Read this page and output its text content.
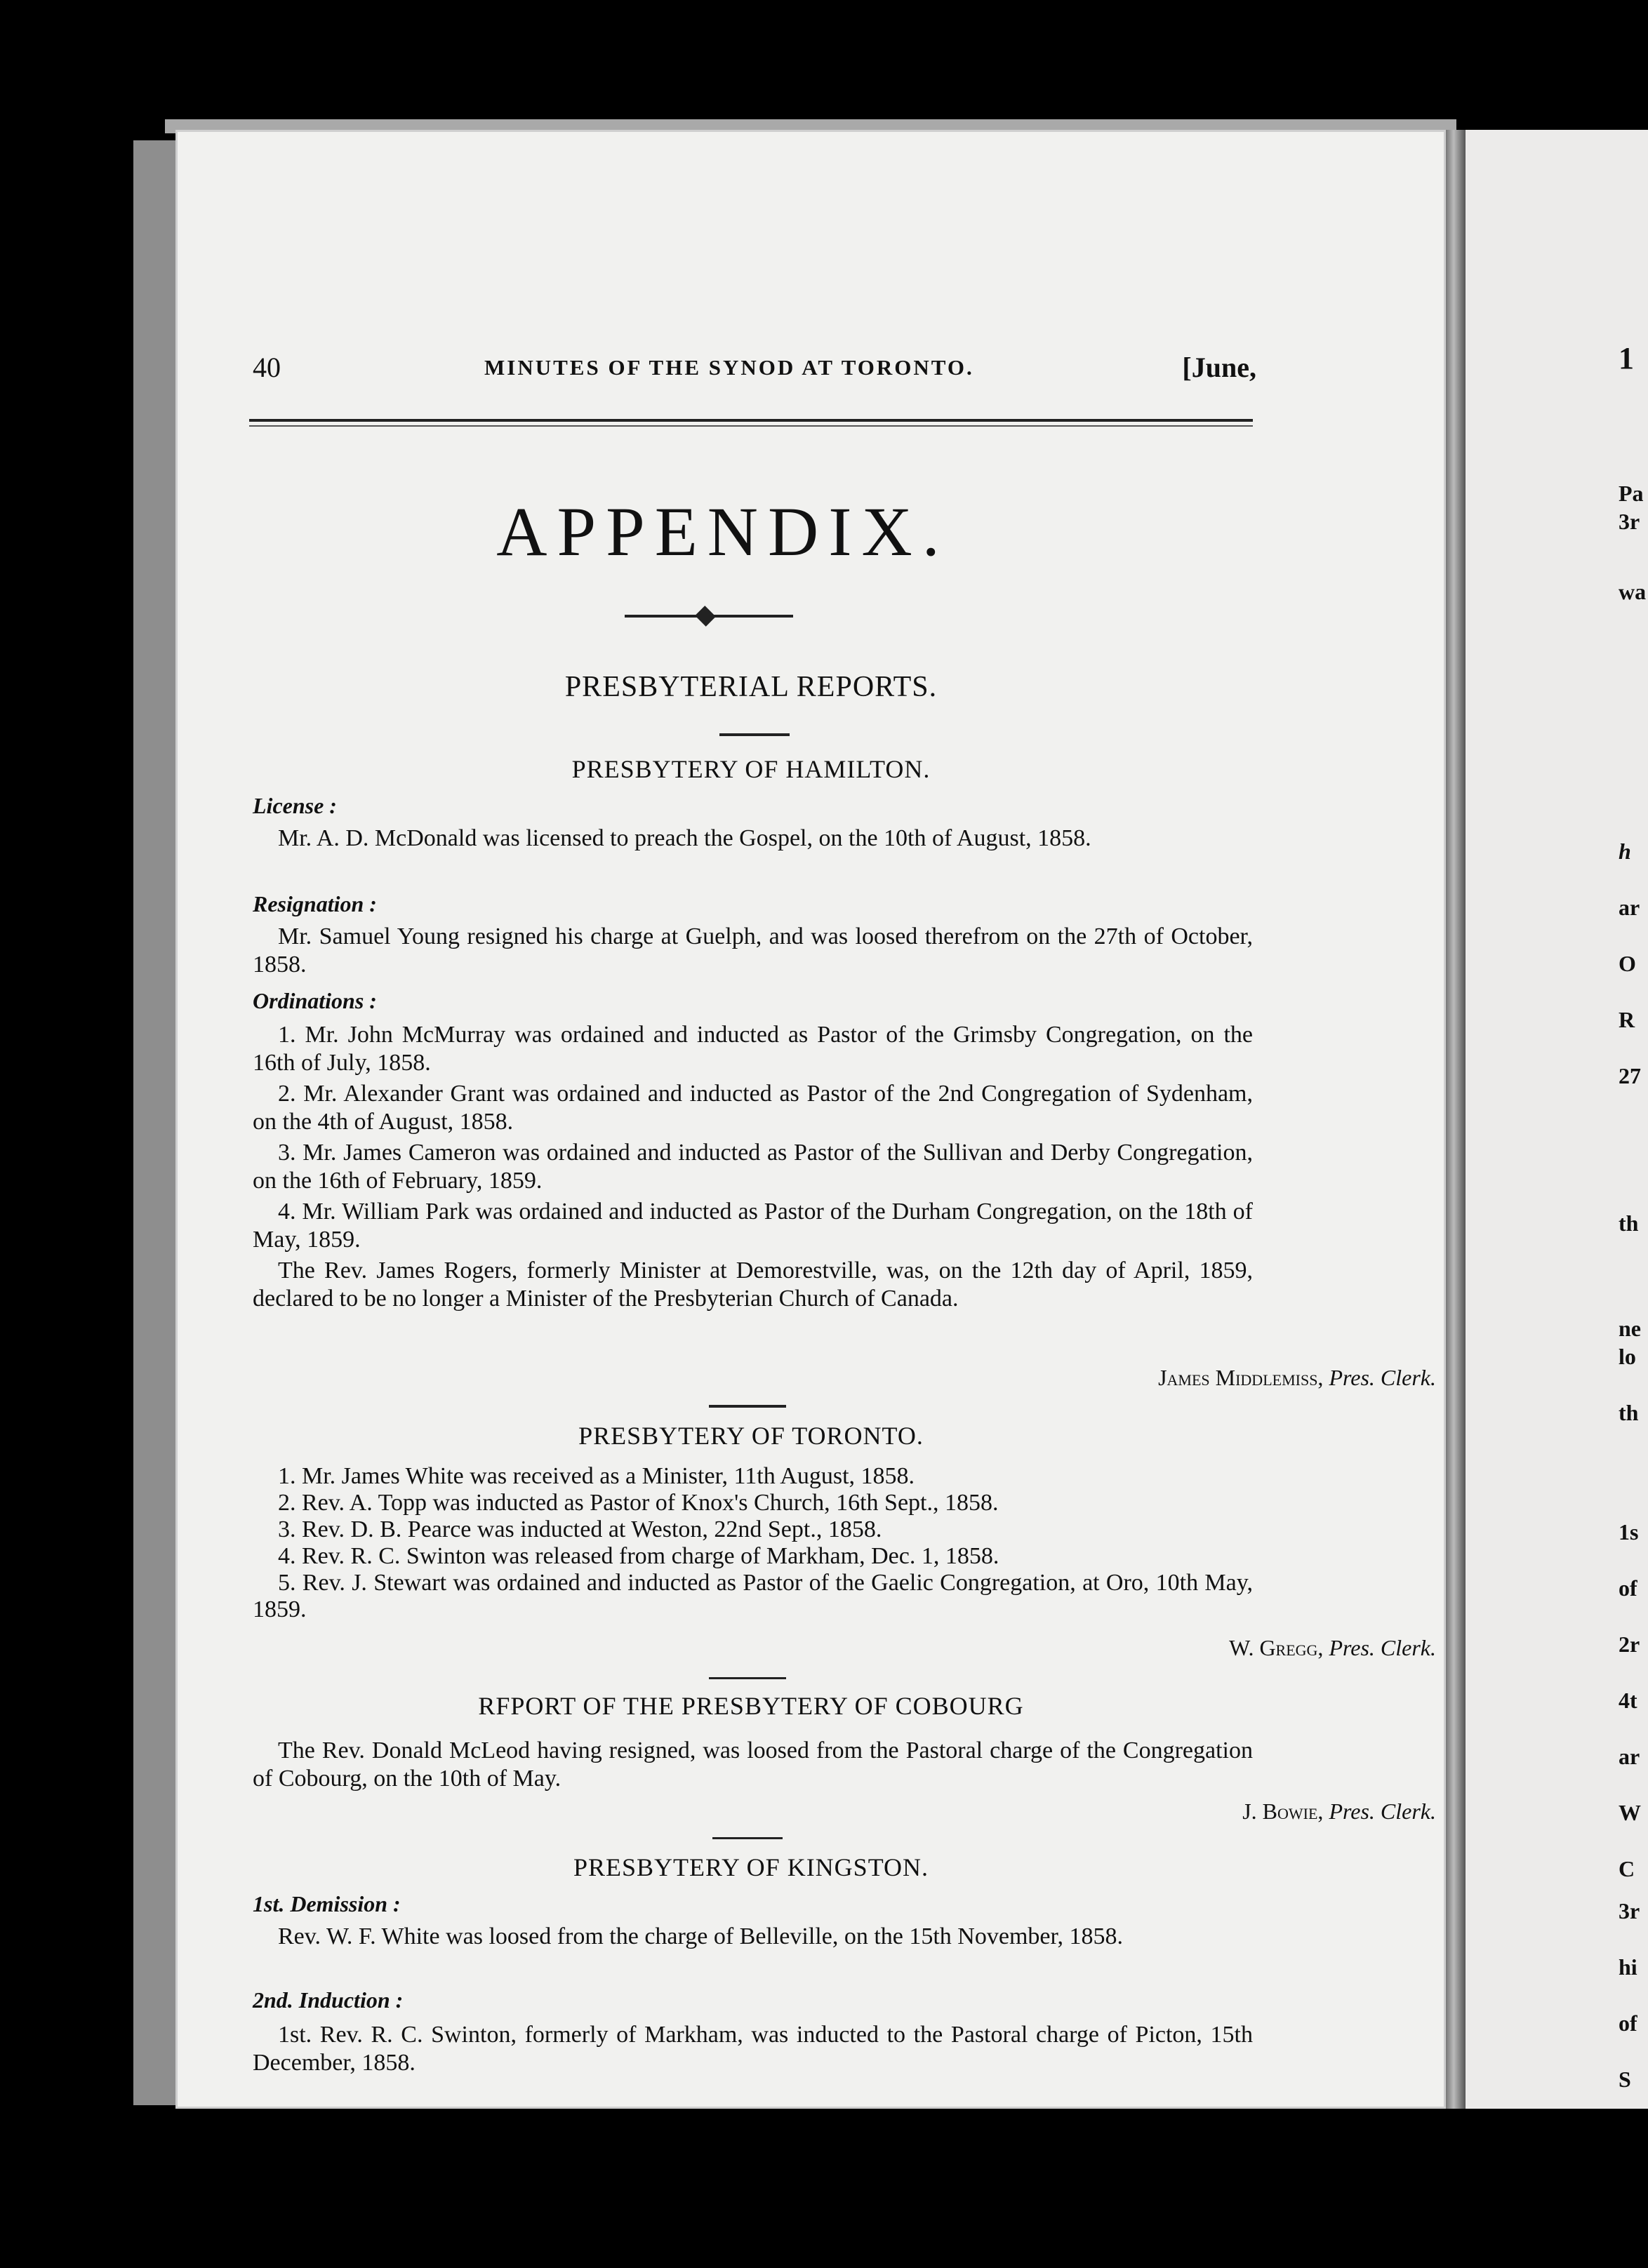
1
Pa
3r
wa
h
ar
O
R
27
th
ne
lo
th
1s
of
2r
4t
ar
W
C
3r
hi
of
S
40	MINUTES OF THE SYNOD AT TORONTO.	[June,
APPENDIX.
PRESBYTERIAL REPORTS.
PRESBYTERY OF HAMILTON.
License :

Mr. A. D. McDonald was licensed to preach the Gospel, on the 10th of August, 1858.

Resignation :

Mr. Samuel Young resigned his charge at Guelph, and was loosed therefrom on the 27th of October, 1858.

Ordinations :

1. Mr. John McMurray was ordained and inducted as Pastor of the Grimsby Congregation, on the 16th of July, 1858.

2. Mr. Alexander Grant was ordained and inducted as Pastor of the 2nd Congregation of Sydenham, on the 4th of August, 1858.

3. Mr. James Cameron was ordained and inducted as Pastor of the Sullivan and Derby Congregation, on the 16th of February, 1859.

4. Mr. William Park was ordained and inducted as Pastor of the Durham Congregation, on the 18th of May, 1859.

The Rev. James Rogers, formerly Minister at Demorestville, was, on the 12th day of April, 1859, declared to be no longer a Minister of the Presbyterian Church of Canada.

James Middlemiss, Pres. Clerk.
PRESBYTERY OF TORONTO.

1. Mr. James White was received as a Minister, 11th August, 1858.

2. Rev. A. Topp was inducted as Pastor of Knox's Church, 16th Sept., 1858.

3. Rev. D. B. Pearce was inducted at Weston, 22nd Sept., 1858.

4. Rev. R. C. Swinton was released from charge of Markham, Dec. 1, 1858.

5. Rev. J. Stewart was ordained and inducted as Pastor of the Gaelic Congregation, at Oro, 10th May, 1859.

W. Gregg, Pres. Clerk.
RFPORT OF THE PRESBYTERY OF COBOURG

The Rev. Donald McLeod having resigned, was loosed from the Pastoral charge of the Congregation of Cobourg, on the 10th of May.

J. Bowie, Pres. Clerk.
PRESBYTERY OF KINGSTON.
1st. Demission :

Rev. W. F. White was loosed from the charge of Belleville, on the 15th November, 1858.

2nd. Induction :

1st. Rev. R. C. Swinton, formerly of Markham, was inducted to the Pastoral charge of Picton, 15th December, 1858.
